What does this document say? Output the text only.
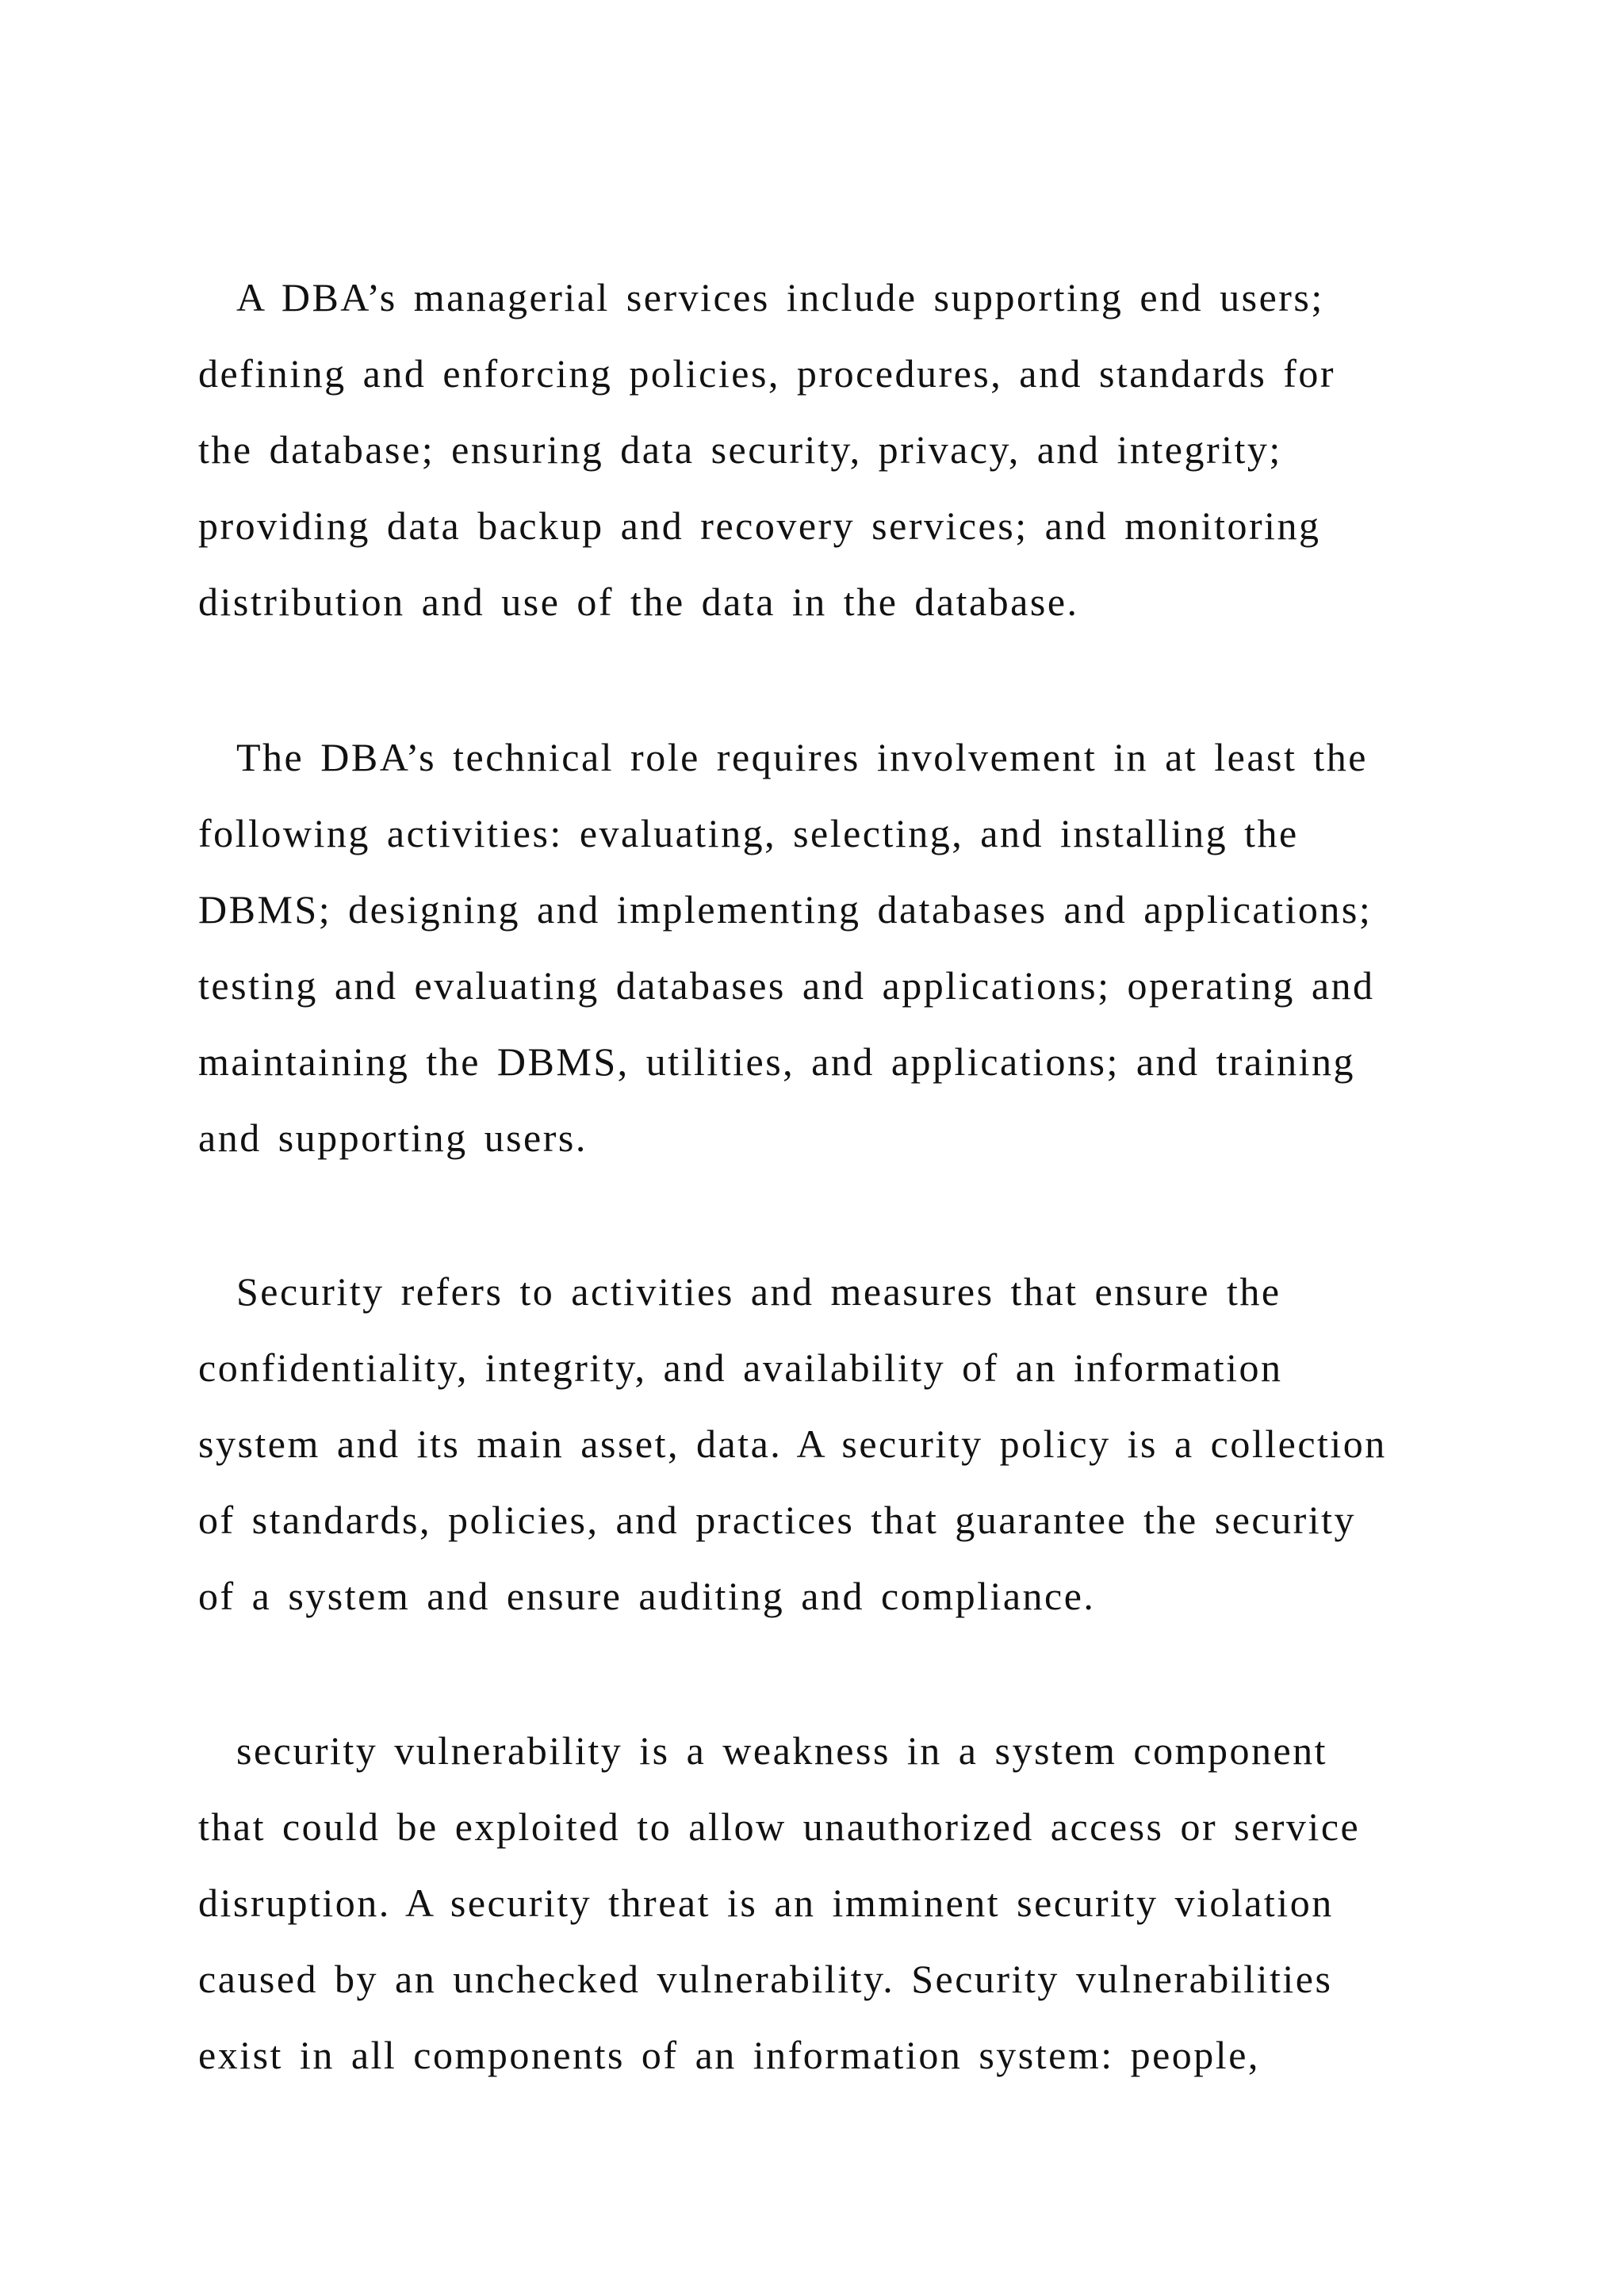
A DBA’s managerial services include supporting end users;
defining and enforcing policies, procedures, and standards for
the database; ensuring data security, privacy, and integrity;
providing data backup and recovery services; and monitoring
distribution and use of the data in the database.
The DBA’s technical role requires involvement in at least the
following activities: evaluating, selecting, and installing the
DBMS; designing and implementing databases and applications;
testing and evaluating databases and applications; operating and
maintaining the DBMS, utilities, and applications; and training
and supporting users.
Security refers to activities and measures that ensure the
confidentiality, integrity, and availability of an information
system and its main asset, data. A security policy is a collection
of standards, policies, and practices that guarantee the security
of a system and ensure auditing and compliance.
security vulnerability is a weakness in a system component
that could be exploited to allow unauthorized access or service
disruption. A security threat is an imminent security violation
caused by an unchecked vulnerability. Security vulnerabilities
exist in all components of an information system: people,
